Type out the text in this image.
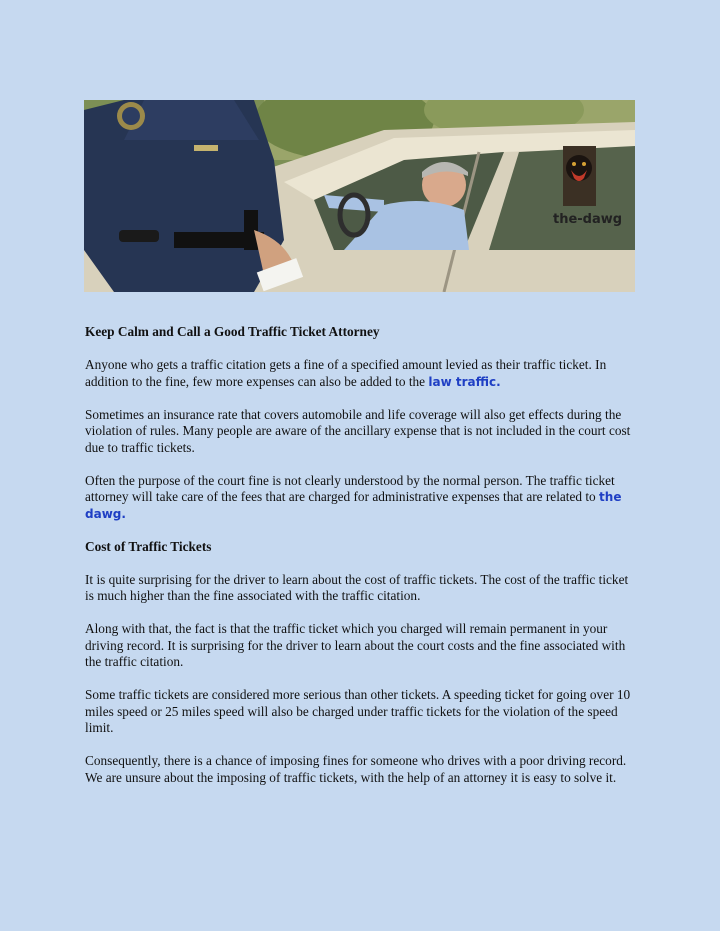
the-dawg

Keep Calm and Call a Good Traffic Ticket Attorney

Anyone who gets a traffic citation gets a fine of a specified amount levied as their traffic ticket. In addition to the fine, few more expenses can also be added to the law traffic.

Sometimes an insurance rate that covers automobile and life coverage will also get effects during the violation of rules. Many people are aware of the ancillary expense that is not included in the court cost due to traffic tickets.

Often the purpose of the court fine is not clearly understood by the normal person. The traffic ticket attorney will take care of the fees that are charged for administrative expenses that are related to the dawg.

Cost of Traffic Tickets

It is quite surprising for the driver to learn about the cost of traffic tickets. The cost of the traffic ticket is much higher than the fine associated with the traffic citation.

Along with that, the fact is that the traffic ticket which you charged will remain permanent in your driving record. It is surprising for the driver to learn about the court costs and the fine associated with the traffic citation.

Some traffic tickets are considered more serious than other tickets. A speeding ticket for going over 10 miles speed or 25 miles speed will also be charged under traffic tickets for the violation of the speed limit.

Consequently, there is a chance of imposing fines for someone who drives with a poor driving record. We are unsure about the imposing of traffic tickets, with the help of an attorney it is easy to solve it.
